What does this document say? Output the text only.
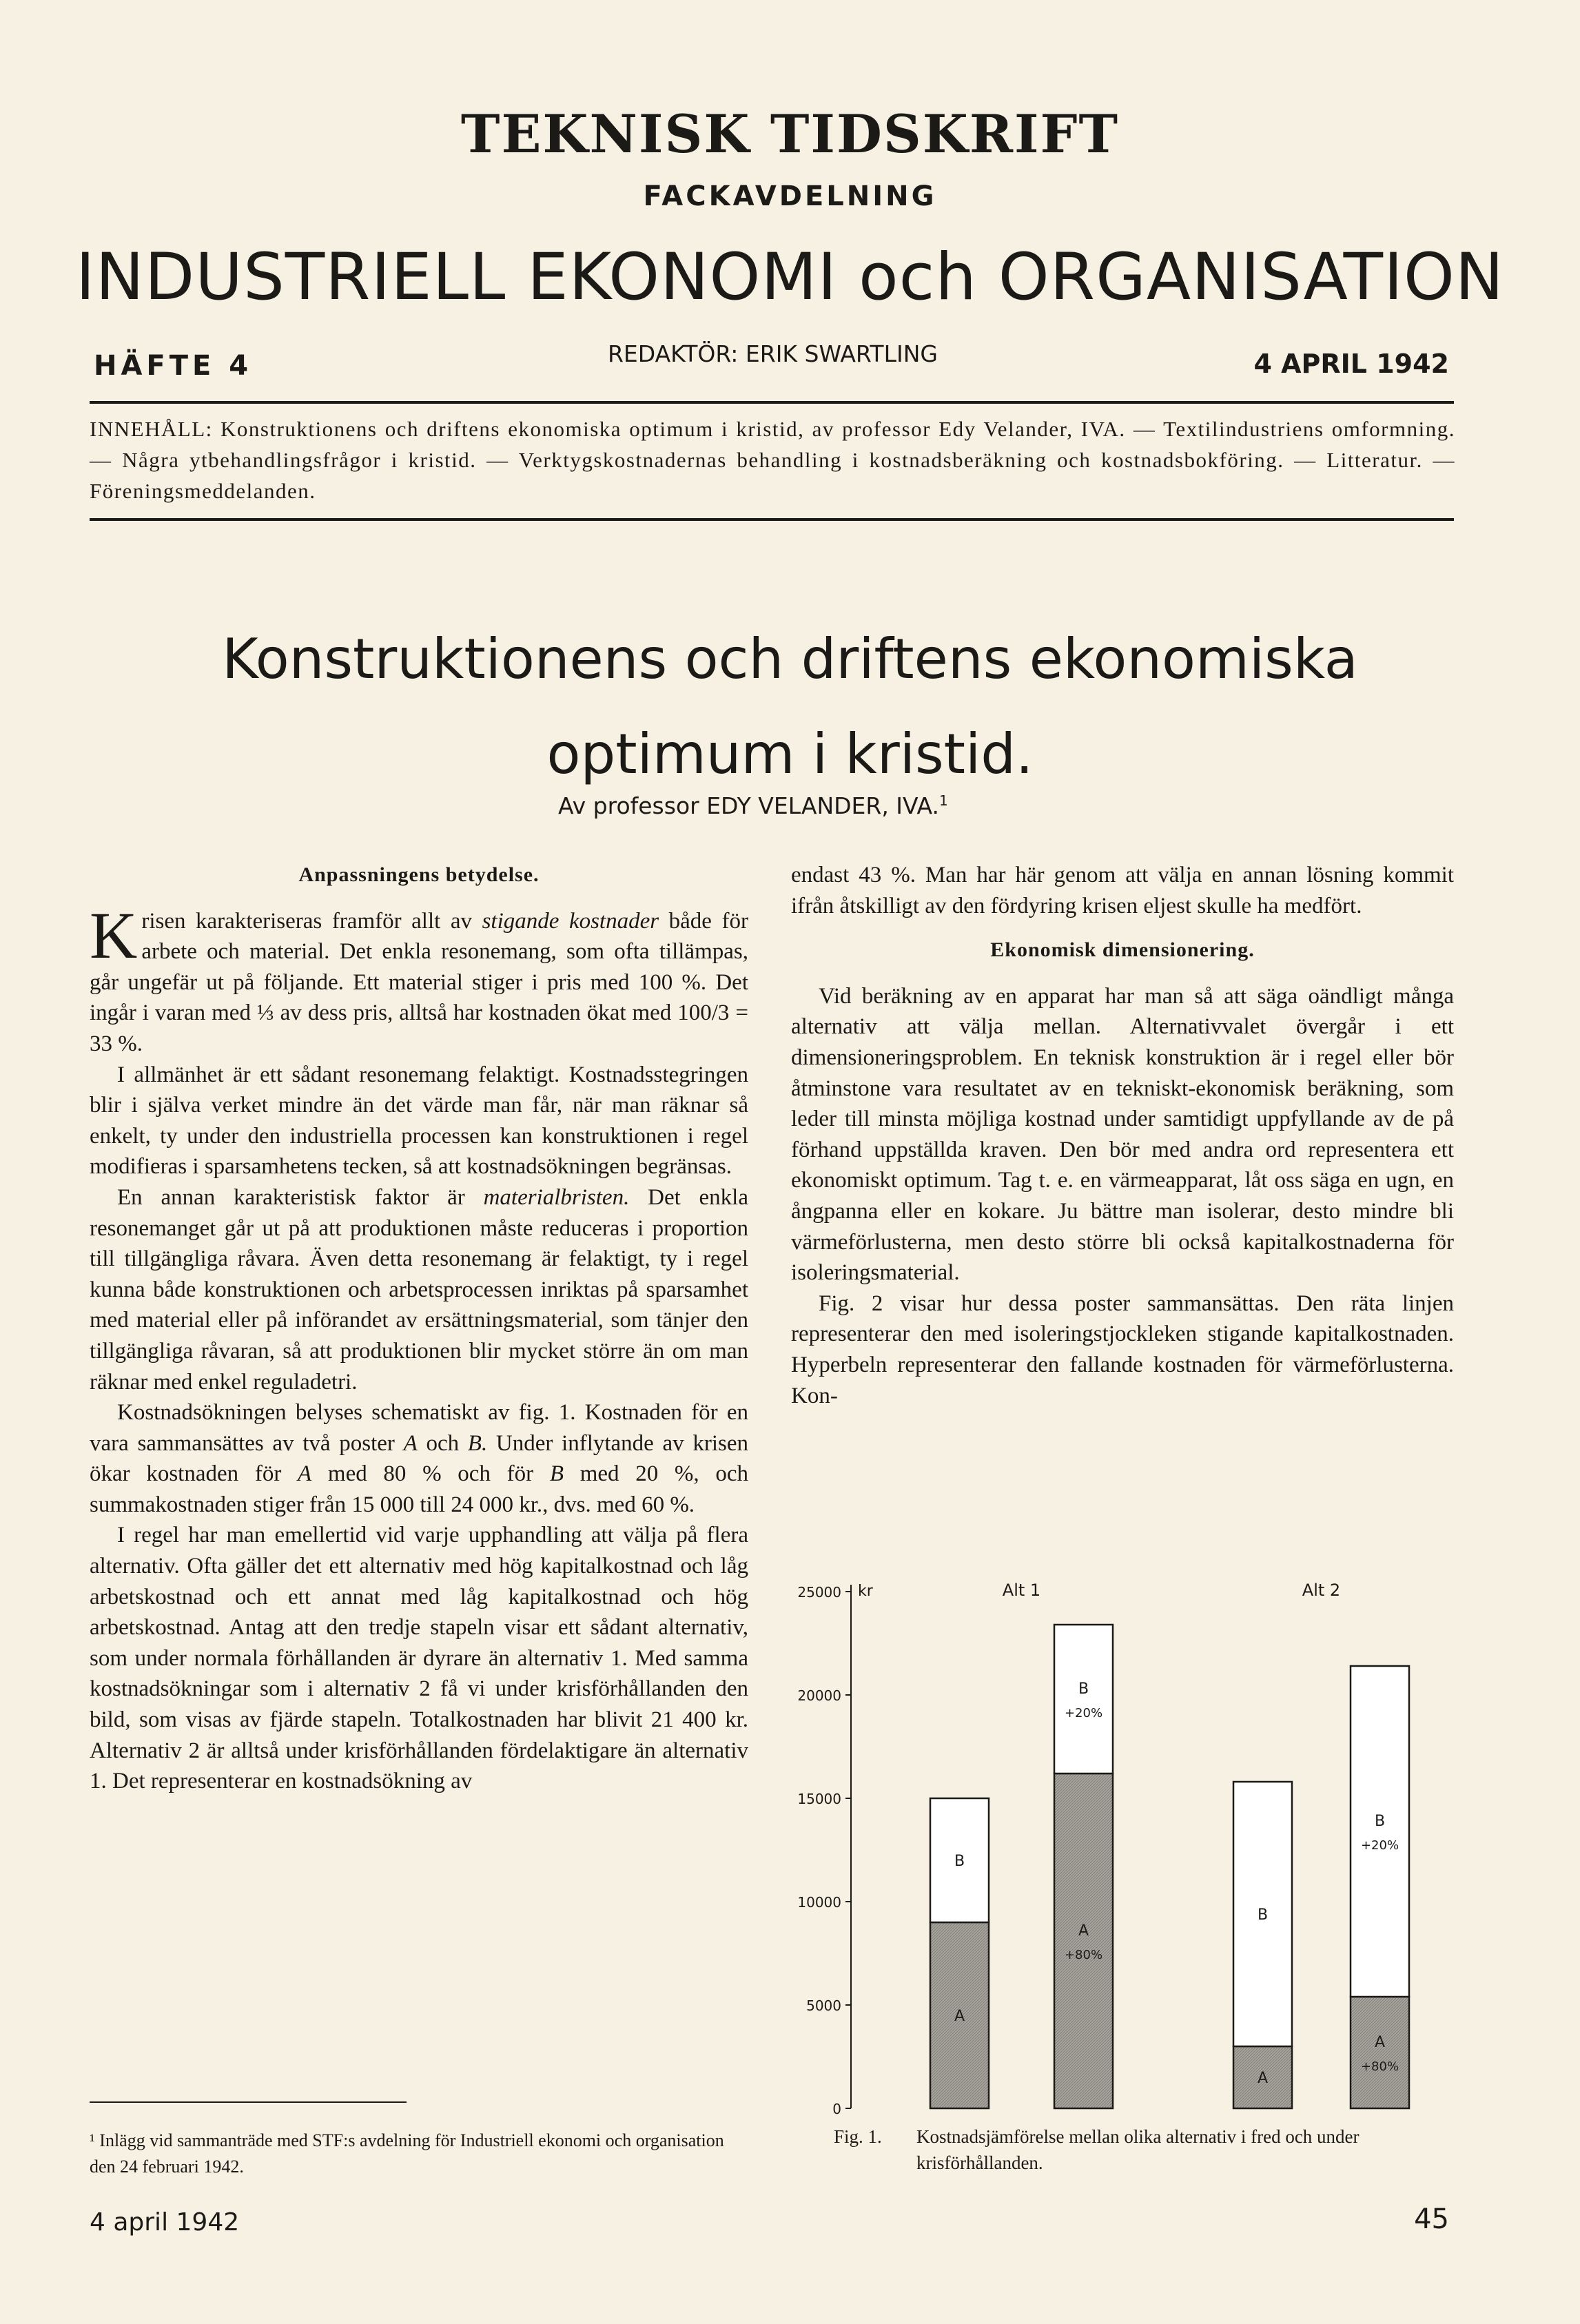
TEKNISK TIDSKRIFT
FACKAVDELNING
INDUSTRIELL EKONOMI och ORGANISATION
HÄFTE 4	REDAKTÖR: ERIK SWARTLING	4 APRIL 1942
INNEHÅLL: Konstruktionens och driftens ekonomiska optimum i kristid, av professor Edy Velander, IVA. — Textilindustriens omformning. — Några ytbehandlingsfrågor i kristid. — Verktygskostnadernas behandling i kostnadsberäkning och kostnadsbokföring. — Litteratur. — Föreningsmeddelanden.
Konstruktionens och driftens ekonomiska
optimum i kristid.
Av professor EDY VELANDER, IVA.$^1$
Anpassningens betydelse.

Krisen karakteriseras framför allt av stigande kostnader både för arbete och material. Det enkla resonemang, som ofta tillämpas, går ungefär ut på följande. Ett material stiger i pris med 100 %. Det ingår i varan med ⅓ av dess pris, alltså har kostnaden ökat med 100/3 = 33 %.

I allmänhet är ett sådant resonemang felaktigt. Kostnadsstegringen blir i själva verket mindre än det värde man får, när man räknar så enkelt, ty under den industriella processen kan konstruktionen i regel modifieras i sparsamhetens tecken, så att kostnadsökningen begränsas.

En annan karakteristisk faktor är materialbristen. Det enkla resonemanget går ut på att produktionen måste reduceras i proportion till tillgängliga råvara. Även detta resonemang är felaktigt, ty i regel kunna både konstruktionen och arbetsprocessen inriktas på sparsamhet med material eller på införandet av ersättningsmaterial, som tänjer den tillgängliga råvaran, så att produktionen blir mycket större än om man räknar med enkel reguladetri.

Kostnadsökningen belyses schematiskt av fig. 1. Kostnaden för en vara sammansättes av två poster A och B. Under inflytande av krisen ökar kostnaden för A med 80 % och för B med 20 %, och summakostnaden stiger från 15 000 till 24 000 kr., dvs. med 60 %.

I regel har man emellertid vid varje upphandling att välja på flera alternativ. Ofta gäller det ett alternativ med hög kapitalkostnad och låg arbetskostnad och ett annat med låg kapitalkostnad och hög arbetskostnad. Antag att den tredje stapeln visar ett sådant alternativ, som under normala förhållanden är dyrare än alternativ 1. Med samma kostnadsökningar som i alternativ 2 få vi under krisförhållanden den bild, som visas av fjärde stapeln. Totalkostnaden har blivit 21 400 kr. Alternativ 2 är alltså under krisförhållanden fördelaktigare än alternativ 1. Det representerar en kostnadsökning av

endast 43 %. Man har här genom att välja en annan lösning kommit ifrån åtskilligt av den fördyring krisen eljest skulle ha medfört.

Ekonomisk dimensionering.

Vid beräkning av en apparat har man så att säga oändligt många alternativ att välja mellan. Alternativvalet övergår i ett dimensioneringsproblem. En teknisk konstruktion är i regel eller bör åtminstone vara resultatet av en tekniskt-ekonomisk beräkning, som leder till minsta möjliga kostnad under samtidigt uppfyllande av de på förhand uppställda kraven. Den bör med andra ord representera ett ekonomiskt optimum. Tag t. e. en värmeapparat, låt oss säga en ugn, en ångpanna eller en kokare. Ju bättre man isolerar, desto mindre bli värmeförlusterna, men desto större bli också kapitalkostnaderna för isoleringsmaterial.

Fig. 2 visar hur dessa poster sammansättas. Den räta linjen representerar den med isoleringstjockleken stigande kapitalkostnaden. Hyperbeln representerar den fallande kostnaden för värmeförlusterna. Kon-

0
5000
10000
15000
20000
25000 kr	Alt 1	Alt 2
A
B
A
+80%
B
+20%
A
B
A
+80%
B
+20%
Fig. 1. Kostnadsjämförelse mellan olika alternativ i fred och under krisförhållanden.
¹ Inlägg vid sammanträde med STF:s avdelning för Industriell ekonomi och organisation den 24 februari 1942.
4 april 1942	45
